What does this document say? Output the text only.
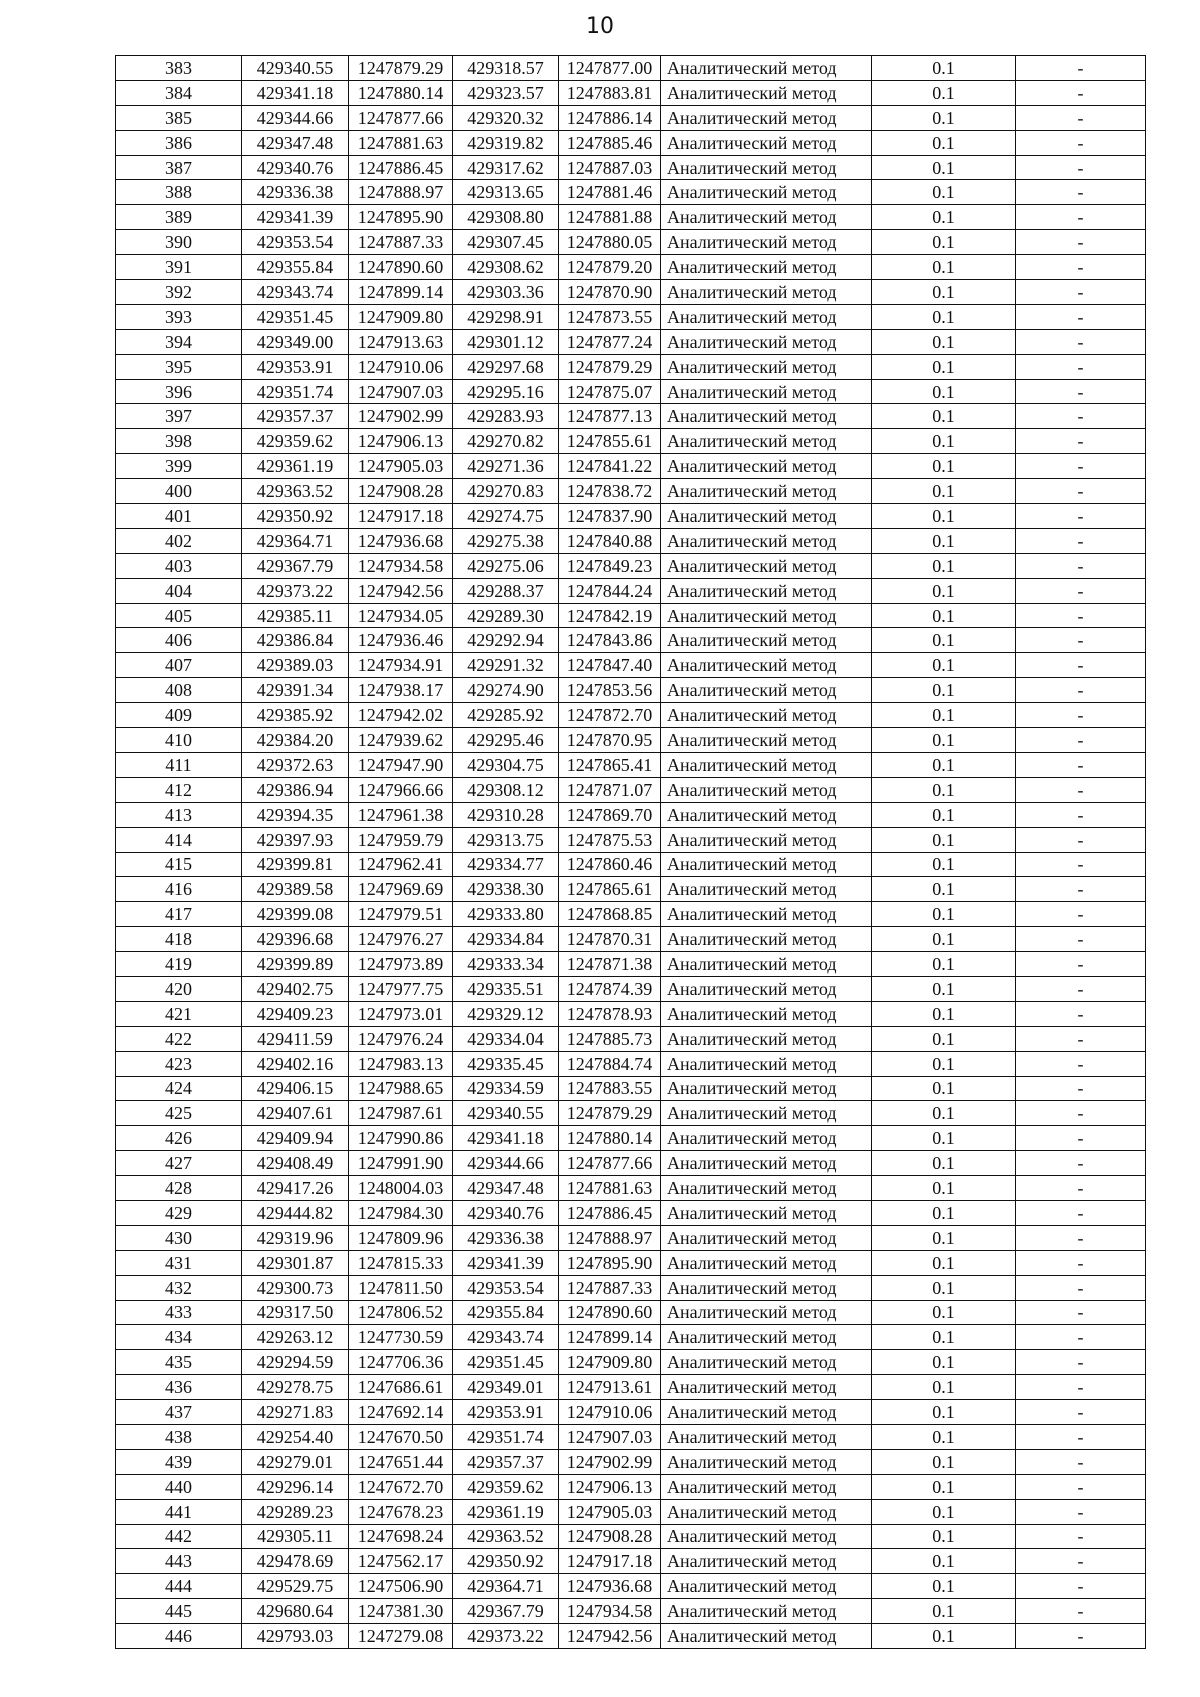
10
383	429340.55	1247879.29	429318.57	1247877.00	Аналитический метод	0.1	-
384	429341.18	1247880.14	429323.57	1247883.81	Аналитический метод	0.1	-
385	429344.66	1247877.66	429320.32	1247886.14	Аналитический метод	0.1	-
386	429347.48	1247881.63	429319.82	1247885.46	Аналитический метод	0.1	-
387	429340.76	1247886.45	429317.62	1247887.03	Аналитический метод	0.1	-
388	429336.38	1247888.97	429313.65	1247881.46	Аналитический метод	0.1	-
389	429341.39	1247895.90	429308.80	1247881.88	Аналитический метод	0.1	-
390	429353.54	1247887.33	429307.45	1247880.05	Аналитический метод	0.1	-
391	429355.84	1247890.60	429308.62	1247879.20	Аналитический метод	0.1	-
392	429343.74	1247899.14	429303.36	1247870.90	Аналитический метод	0.1	-
393	429351.45	1247909.80	429298.91	1247873.55	Аналитический метод	0.1	-
394	429349.00	1247913.63	429301.12	1247877.24	Аналитический метод	0.1	-
395	429353.91	1247910.06	429297.68	1247879.29	Аналитический метод	0.1	-
396	429351.74	1247907.03	429295.16	1247875.07	Аналитический метод	0.1	-
397	429357.37	1247902.99	429283.93	1247877.13	Аналитический метод	0.1	-
398	429359.62	1247906.13	429270.82	1247855.61	Аналитический метод	0.1	-
399	429361.19	1247905.03	429271.36	1247841.22	Аналитический метод	0.1	-
400	429363.52	1247908.28	429270.83	1247838.72	Аналитический метод	0.1	-
401	429350.92	1247917.18	429274.75	1247837.90	Аналитический метод	0.1	-
402	429364.71	1247936.68	429275.38	1247840.88	Аналитический метод	0.1	-
403	429367.79	1247934.58	429275.06	1247849.23	Аналитический метод	0.1	-
404	429373.22	1247942.56	429288.37	1247844.24	Аналитический метод	0.1	-
405	429385.11	1247934.05	429289.30	1247842.19	Аналитический метод	0.1	-
406	429386.84	1247936.46	429292.94	1247843.86	Аналитический метод	0.1	-
407	429389.03	1247934.91	429291.32	1247847.40	Аналитический метод	0.1	-
408	429391.34	1247938.17	429274.90	1247853.56	Аналитический метод	0.1	-
409	429385.92	1247942.02	429285.92	1247872.70	Аналитический метод	0.1	-
410	429384.20	1247939.62	429295.46	1247870.95	Аналитический метод	0.1	-
411	429372.63	1247947.90	429304.75	1247865.41	Аналитический метод	0.1	-
412	429386.94	1247966.66	429308.12	1247871.07	Аналитический метод	0.1	-
413	429394.35	1247961.38	429310.28	1247869.70	Аналитический метод	0.1	-
414	429397.93	1247959.79	429313.75	1247875.53	Аналитический метод	0.1	-
415	429399.81	1247962.41	429334.77	1247860.46	Аналитический метод	0.1	-
416	429389.58	1247969.69	429338.30	1247865.61	Аналитический метод	0.1	-
417	429399.08	1247979.51	429333.80	1247868.85	Аналитический метод	0.1	-
418	429396.68	1247976.27	429334.84	1247870.31	Аналитический метод	0.1	-
419	429399.89	1247973.89	429333.34	1247871.38	Аналитический метод	0.1	-
420	429402.75	1247977.75	429335.51	1247874.39	Аналитический метод	0.1	-
421	429409.23	1247973.01	429329.12	1247878.93	Аналитический метод	0.1	-
422	429411.59	1247976.24	429334.04	1247885.73	Аналитический метод	0.1	-
423	429402.16	1247983.13	429335.45	1247884.74	Аналитический метод	0.1	-
424	429406.15	1247988.65	429334.59	1247883.55	Аналитический метод	0.1	-
425	429407.61	1247987.61	429340.55	1247879.29	Аналитический метод	0.1	-
426	429409.94	1247990.86	429341.18	1247880.14	Аналитический метод	0.1	-
427	429408.49	1247991.90	429344.66	1247877.66	Аналитический метод	0.1	-
428	429417.26	1248004.03	429347.48	1247881.63	Аналитический метод	0.1	-
429	429444.82	1247984.30	429340.76	1247886.45	Аналитический метод	0.1	-
430	429319.96	1247809.96	429336.38	1247888.97	Аналитический метод	0.1	-
431	429301.87	1247815.33	429341.39	1247895.90	Аналитический метод	0.1	-
432	429300.73	1247811.50	429353.54	1247887.33	Аналитический метод	0.1	-
433	429317.50	1247806.52	429355.84	1247890.60	Аналитический метод	0.1	-
434	429263.12	1247730.59	429343.74	1247899.14	Аналитический метод	0.1	-
435	429294.59	1247706.36	429351.45	1247909.80	Аналитический метод	0.1	-
436	429278.75	1247686.61	429349.01	1247913.61	Аналитический метод	0.1	-
437	429271.83	1247692.14	429353.91	1247910.06	Аналитический метод	0.1	-
438	429254.40	1247670.50	429351.74	1247907.03	Аналитический метод	0.1	-
439	429279.01	1247651.44	429357.37	1247902.99	Аналитический метод	0.1	-
440	429296.14	1247672.70	429359.62	1247906.13	Аналитический метод	0.1	-
441	429289.23	1247678.23	429361.19	1247905.03	Аналитический метод	0.1	-
442	429305.11	1247698.24	429363.52	1247908.28	Аналитический метод	0.1	-
443	429478.69	1247562.17	429350.92	1247917.18	Аналитический метод	0.1	-
444	429529.75	1247506.90	429364.71	1247936.68	Аналитический метод	0.1	-
445	429680.64	1247381.30	429367.79	1247934.58	Аналитический метод	0.1	-
446	429793.03	1247279.08	429373.22	1247942.56	Аналитический метод	0.1	-
